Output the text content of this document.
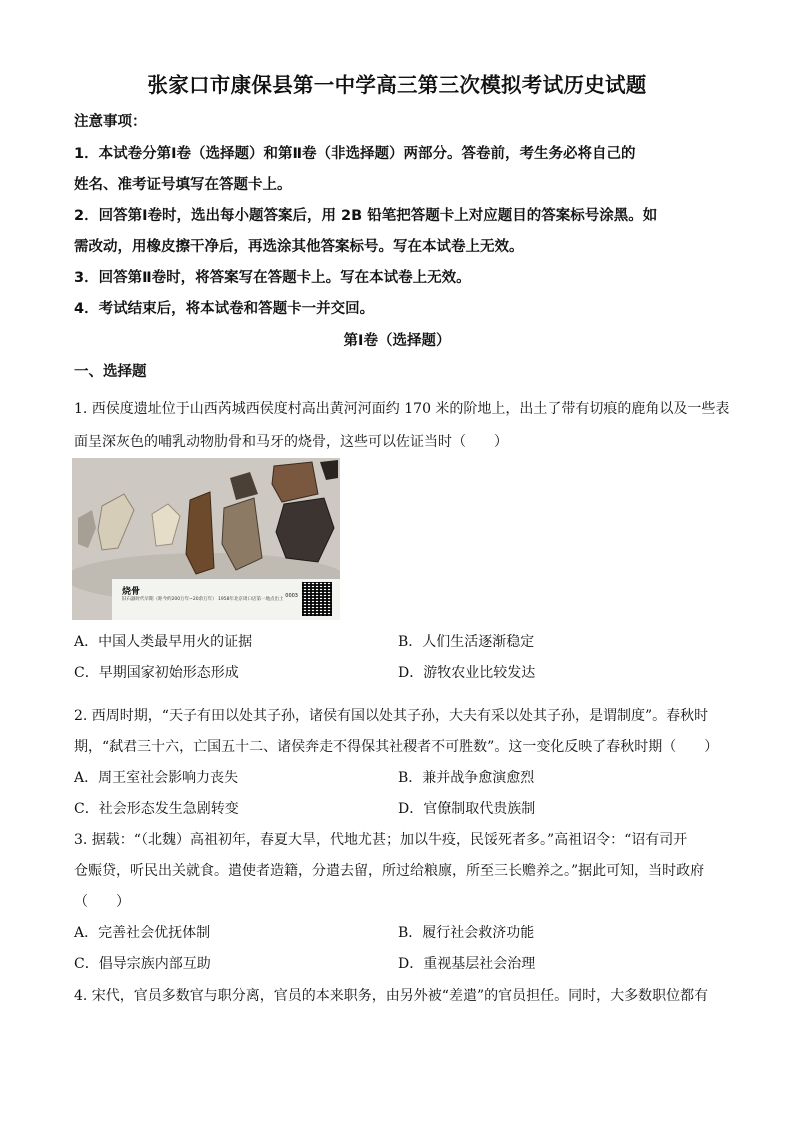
张家口市康保县第一中学高三第三次模拟考试历史试题
注意事项：
1．本试卷分第Ⅰ卷（选择题）和第Ⅱ卷（非选择题）两部分。答卷前，考生务必将自己的
姓名、准考证号填写在答题卡上。
2．回答第Ⅰ卷时，选出每小题答案后，用 2B 铅笔把答题卡上对应题目的答案标号涂黑。如
需改动，用橡皮擦干净后，再选涂其他答案标号。写在本试卷上无效。
3．回答第Ⅱ卷时，将答案写在答题卡上。写在本试卷上无效。
4．考试结束后，将本试卷和答题卡一并交回。
第Ⅰ卷（选择题）
一、选择题
1. 西侯度遗址位于山西芮城西侯度村高出黄河河面约 170 米的阶地上，出土了带有切痕的鹿角以及一些表
面呈深灰色的哺乳动物肋骨和马牙的烧骨，这些可以佐证当时（　　）
烧骨
旧石器时代早期（距今约200万年~20余万年） 1958年北京周口店第一地点出土
0003
A．中国人类最早用火的证据	B．人们生活逐渐稳定
C．早期国家初始形态形成	D．游牧农业比较发达
2. 西周时期，“天子有田以处其子孙，诸侯有国以处其子孙，大夫有采以处其子孙，是谓制度”。春秋时
期，“弑君三十六，亡国五十二、诸侯奔走不得保其社稷者不可胜数”。这一变化反映了春秋时期（　　）
A．周王室社会影响力丧失	B．兼并战争愈演愈烈
C．社会形态发生急剧转变	D．官僚制取代贵族制
3. 据载：“（北魏）高祖初年，春夏大旱，代地尤甚；加以牛疫，民馁死者多。”高祖诏令：“诏有司开
仓赈贷，听民出关就食。遣使者造籍，分遣去留，所过给粮廪，所至三长赡养之。”据此可知，当时政府
（　　）
A．完善社会优抚体制	B．履行社会救济功能
C．倡导宗族内部互助	D．重视基层社会治理
4. 宋代，官员多数官与职分离，官员的本来职务，由另外被“差遣”的官员担任。同时，大多数职位都有
